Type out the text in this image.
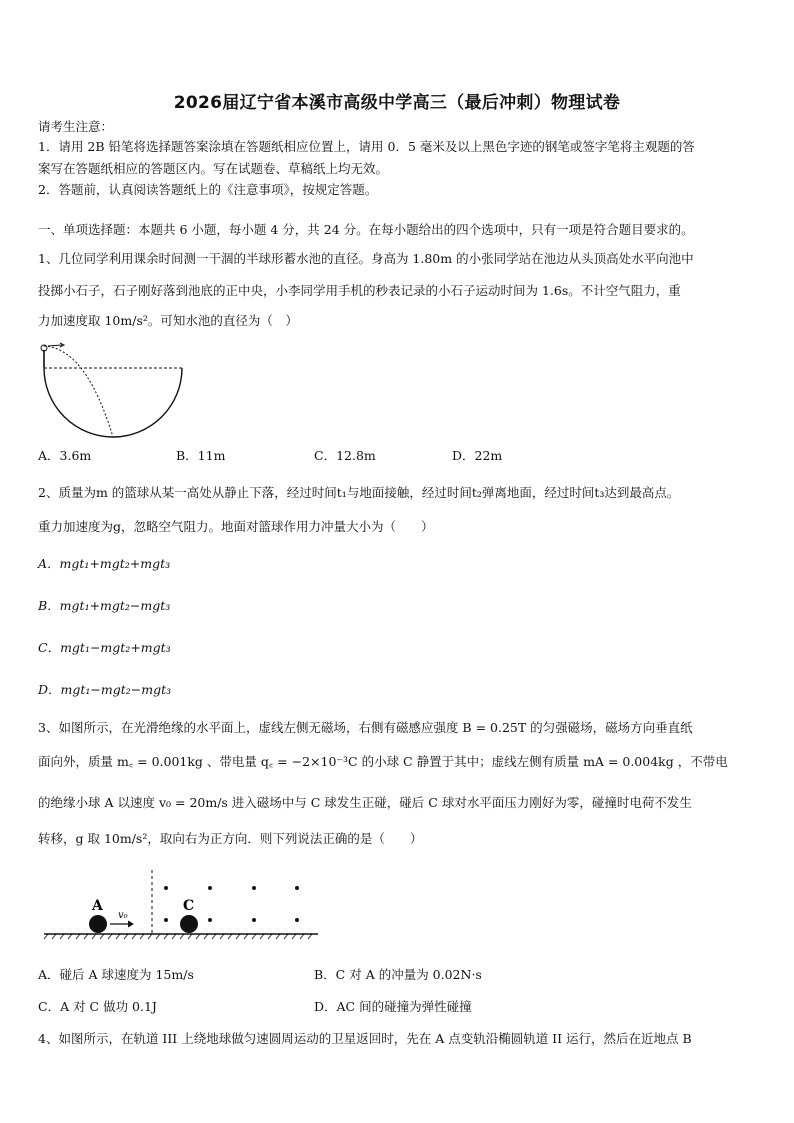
2026届辽宁省本溪市高级中学高三（最后冲刺）物理试卷
请考生注意：
1．请用 2B 铅笔将选择题答案涂填在答题纸相应位置上，请用 0．5 毫米及以上黑色字迹的钢笔或签字笔将主观题的答
案写在答题纸相应的答题区内。写在试题卷、草稿纸上均无效。
2．答题前，认真阅读答题纸上的《注意事项》，按规定答题。
一、单项选择题：本题共 6 小题，每小题 4 分，共 24 分。在每小题给出的四个选项中，只有一项是符合题目要求的。
1、几位同学利用课余时间测一干涸的半球形蓄水池的直径。身高为 1.80m 的小张同学站在池边从头顶高处水平向池中
投掷小石子，石子刚好落到池底的正中央，小李同学用手机的秒表记录的小石子运动时间为 1.6s。不计空气阻力，重
力加速度取 10m/s²。可知水池的直径为（　）
A．3.6m	B．11m	C．12.8m	D．22m
2、质量为m 的篮球从某一高处从静止下落，经过时间t₁与地面接触，经过时间t₂弹离地面，经过时间t₃达到最高点。
重力加速度为g，忽略空气阻力。地面对篮球作用力冲量大小为（　　）
A．mgt₁+mgt₂+mgt₃
B．mgt₁+mgt₂−mgt₃
C．mgt₁−mgt₂+mgt₃
D．mgt₁−mgt₂−mgt₃
3、如图所示，在光滑绝缘的水平面上，虚线左侧无磁场，右侧有磁感应强度 B = 0.25T 的匀强磁场，磁场方向垂直纸
面向外，质量 m꜀ = 0.001kg 、带电量 q꜀ = −2×10⁻³C 的小球 C 静置于其中；虚线左侧有质量 mA = 0.004kg ，不带电
的绝缘小球 A 以速度 v₀ = 20m/s 进入磁场中与 C 球发生正碰，碰后 C 球对水平面压力刚好为零，碰撞时电荷不发生
转移，g 取 10m/s²，取向右为正方向．则下列说法正确的是（　　）
A	C
v₀
A．碰后 A 球速度为 15m/s	B．C 对 A 的冲量为 0.02N·s
C．A 对 C 做功 0.1J	D．AC 间的碰撞为弹性碰撞
4、如图所示，在轨道 III 上绕地球做匀速圆周运动的卫星返回时，先在 A 点变轨沿椭圆轨道 II 运行，然后在近地点 B
